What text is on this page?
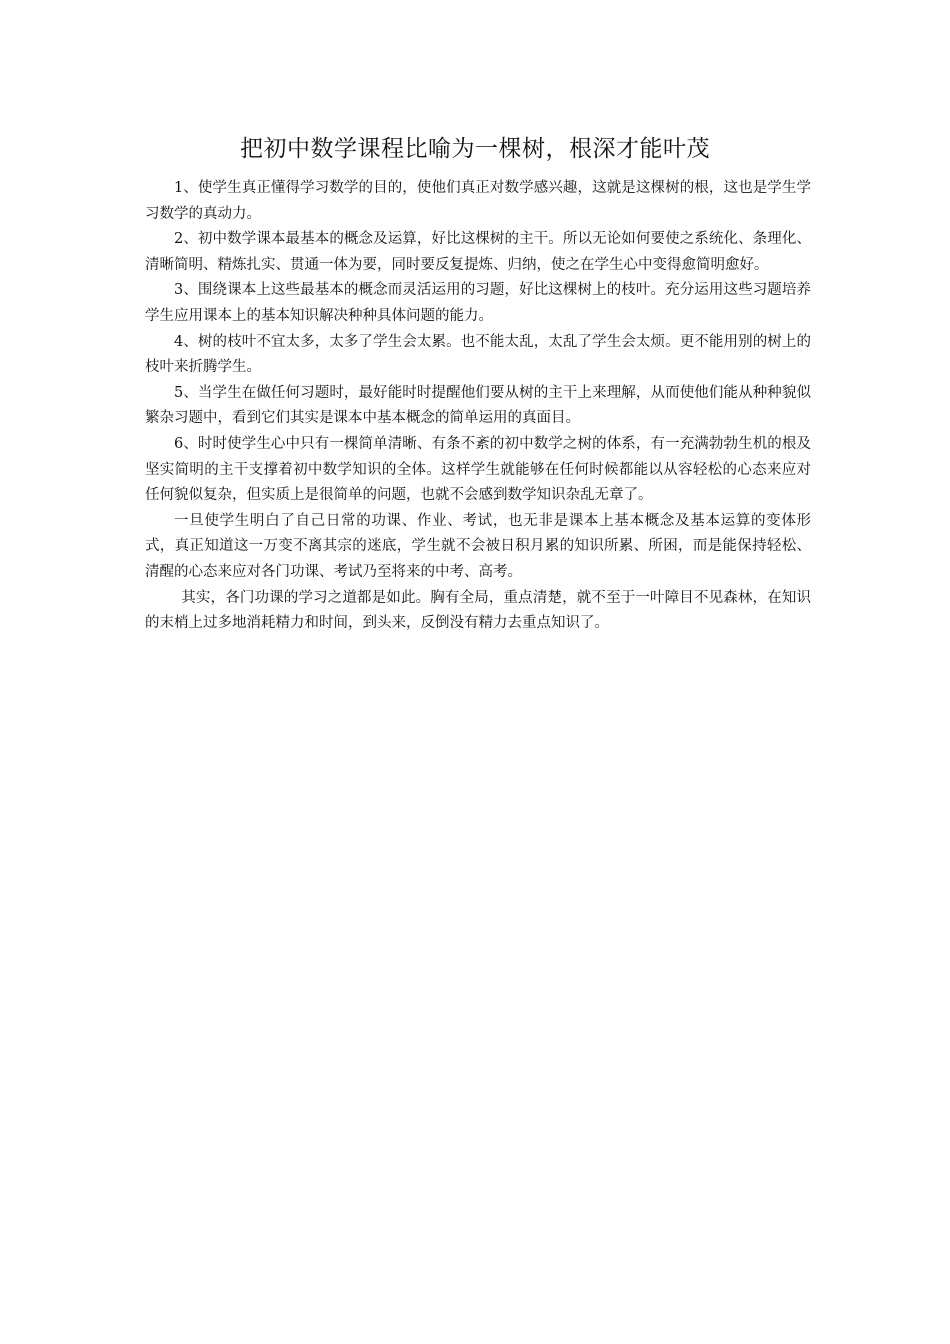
把初中数学课程比喻为一棵树，根深才能叶茂

1、使学生真正懂得学习数学的目的，使他们真正对数学感兴趣，这就是这棵树的根，这也是学生学习数学的真动力。

2、初中数学课本最基本的概念及运算，好比这棵树的主干。所以无论如何要使之系统化、条理化、清晰简明、精炼扎实、贯通一体为要，同时要反复提炼、归纳，使之在学生心中变得愈简明愈好。

3、围绕课本上这些最基本的概念而灵活运用的习题，好比这棵树上的枝叶。充分运用这些习题培养学生应用课本上的基本知识解决种种具体问题的能力。

4、树的枝叶不宜太多，太多了学生会太累。也不能太乱，太乱了学生会太烦。更不能用别的树上的枝叶来折腾学生。

5、当学生在做任何习题时，最好能时时提醒他们要从树的主干上来理解，从而使他们能从种种貌似繁杂习题中，看到它们其实是课本中基本概念的简单运用的真面目。

6、时时使学生心中只有一棵简单清晰、有条不紊的初中数学之树的体系，有一充满勃勃生机的根及坚实简明的主干支撑着初中数学知识的全体。这样学生就能够在任何时候都能以从容轻松的心态来应对任何貌似复杂，但实质上是很简单的问题，也就不会感到数学知识杂乱无章了。

一旦使学生明白了自己日常的功课、作业、考试，也无非是课本上基本概念及基本运算的变体形式，真正知道这一万变不离其宗的迷底，学生就不会被日积月累的知识所累、所困，而是能保持轻松、清醒的心态来应对各门功课、考试乃至将来的中考、高考。

其实，各门功课的学习之道都是如此。胸有全局，重点清楚，就不至于一叶障目不见森林，在知识的末梢上过多地消耗精力和时间，到头来，反倒没有精力去重点知识了。
